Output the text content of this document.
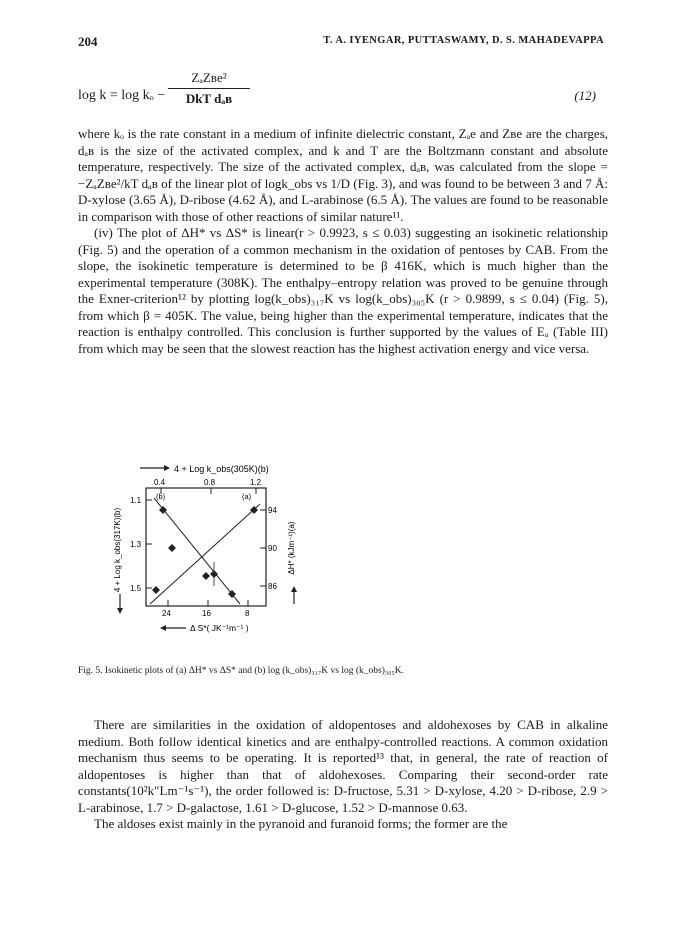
204	T. A. IYENGAR, PUTTASWAMY, D. S. MAHADEVAPPA
log k = log kₒ −
ZₐZʙe²
DkT dₐʙ	(12)

where kₒ is the rate constant in a medium of infinite dielectric constant, Zₐe and Zʙe are the charges, dₐʙ is the size of the activated complex, and k and T are the Boltzmann constant and absolute temperature, respectively. The size of the activated complex, dₐʙ, was calculated from the slope = −ZₐZʙe²/kT dₐʙ of the linear plot of logk_obs vs 1/D (Fig. 3), and was found to be between 3 and 7 Å: D-xylose (3.65 Å), D-ribose (4.62 Å), and L-arabinose (6.5 Å). The values are found to be reasonable in comparison with those of other reactions of similar nature¹¹.

(iv) The plot of ΔH* vs ΔS* is linear(r > 0.9923, s ≤ 0.03) suggesting an isokinetic relationship (Fig. 5) and the operation of a common mechanism in the oxidation of pentoses by CAB. From the slope, the isokinetic temperature is determined to be β 416K, which is much higher than the experimental temperature (308K). The enthalpy–entropy relation was proved to be genuine through the Exner-criterion¹² by plotting log(k_obs)₃₁₇K vs log(k_obs)₃₀₅K (r > 0.9899, s ≤ 0.04) (Fig. 5), from which β = 405K. The value, being higher than the experimental temperature, indicates that the reaction is enthalpy controlled. This conclusion is further supported by the values of Eₐ (Table III) from which may be seen that the slowest reaction has the highest activation energy and vice versa.

4 + Log k_obs(305K)(b)
0.4	0.8	1.2
1.1
1.3
1.5
94
90
86
24	16	8
(b)	(a)
4 + Log k_obs(317K)(b)	ΔH* (kJm⁻¹)(a)
Δ S*( JK⁻¹m⁻¹ )
Fig. 5. Isokinetic plots of (a) ΔH* vs ΔS* and (b) log (k_obs)₃₁₇K vs log (k_obs)₃₀₅K.

There are similarities in the oxidation of aldopentoses and aldohexoses by CAB in alkaline medium. Both follow identical kinetics and are enthalpy-controlled reactions. A common oxidation mechanism thus seems to be operating. It is reported¹³ that, in general, the rate of reaction of aldopentoses is higher than that of aldohexoses. Comparing their second-order rate constants(10²k″Lm⁻¹s⁻¹), the order followed is: D-fructose, 5.31 > D-xylose, 4.20 > D-ribose, 2.9 > L-arabinose, 1.7 > D-galactose, 1.61 > D-glucose, 1.52 > D-mannose 0.63.

The aldoses exist mainly in the pyranoid and furanoid forms; the former are the
